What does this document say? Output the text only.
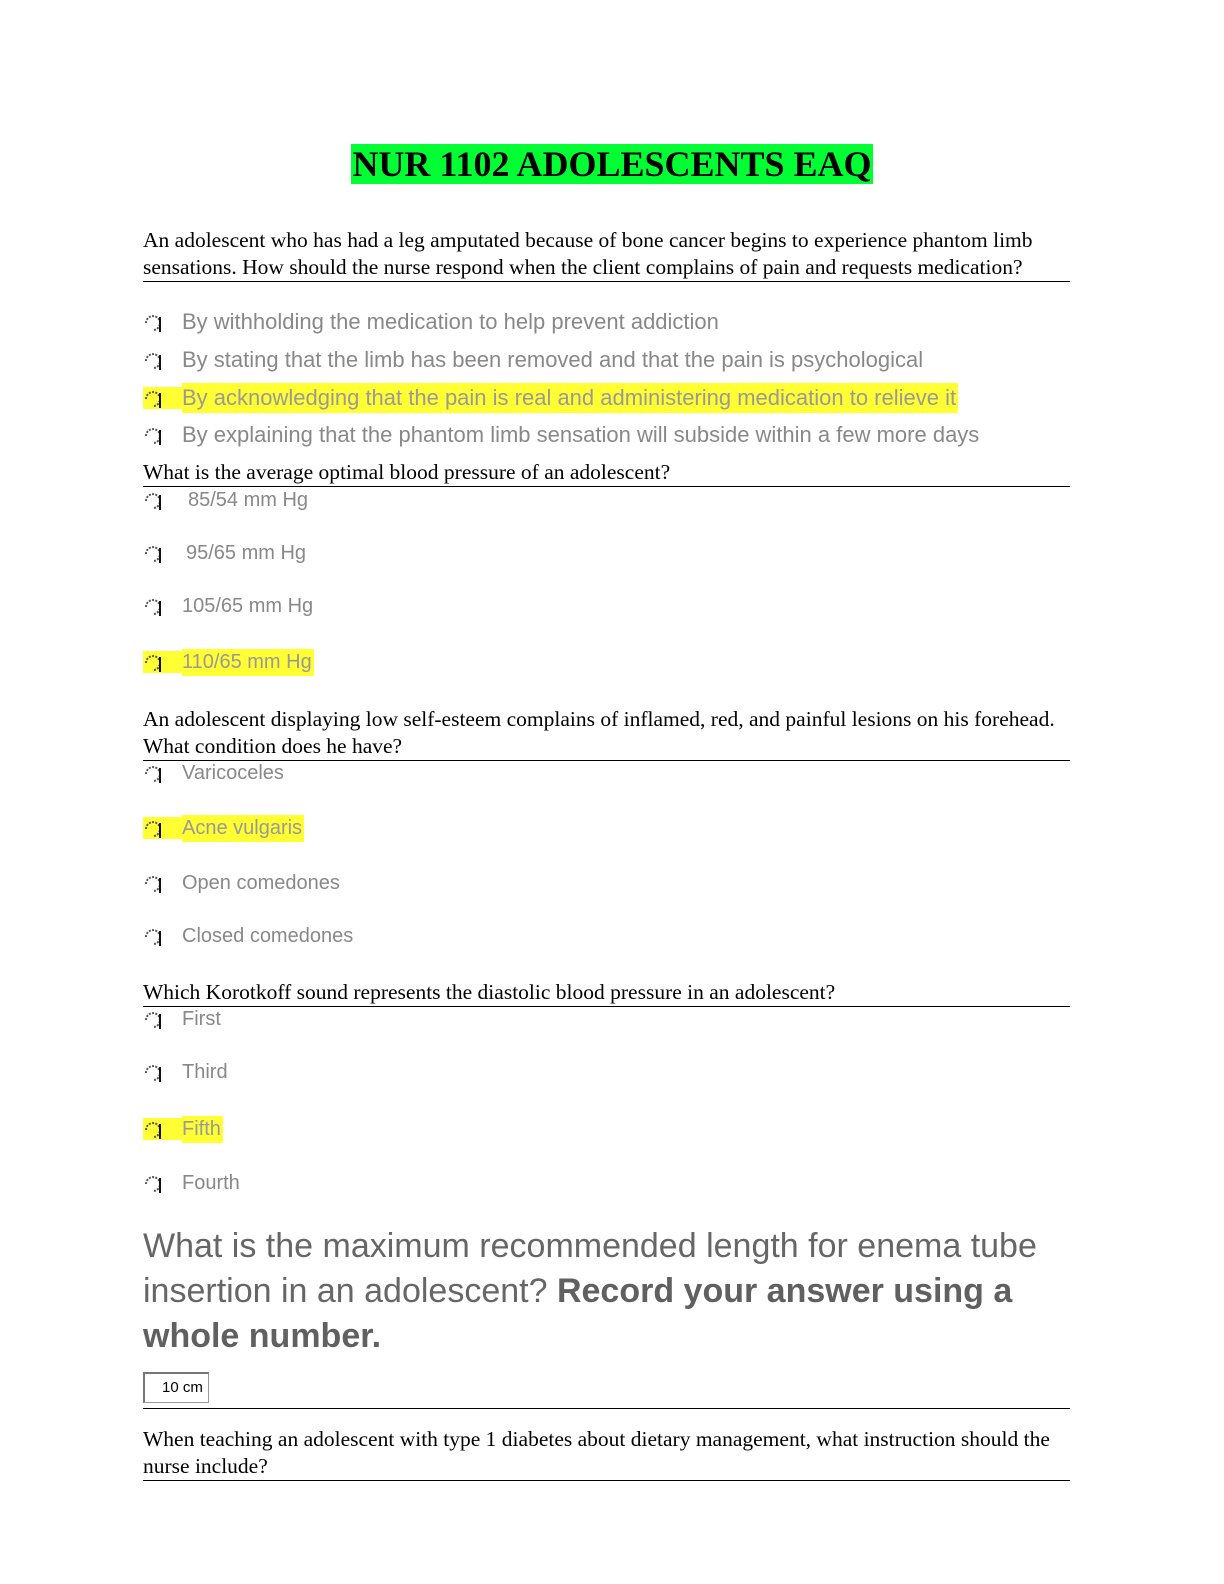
NUR 1102 ADOLESCENTS EAQ
An adolescent who has had a leg amputated because of bone cancer begins to experience phantom limb sensations. How should the nurse respond when the client complains of pain and requests medication?
By withholding the medication to help prevent addiction
By stating that the limb has been removed and that the pain is psychological
By acknowledging that the pain is real and administering medication to relieve it
By explaining that the phantom limb sensation will subside within a few more days
What is the average optimal blood pressure of an adolescent?
85/54 mm Hg
95/65 mm Hg
105/65 mm Hg
110/65 mm Hg
An adolescent displaying low self-esteem complains of inflamed, red, and painful lesions on his forehead. What condition does he have?
Varicoceles
Acne vulgaris
Open comedones
Closed comedones
Which Korotkoff sound represents the diastolic blood pressure in an adolescent?
First
Third
Fifth
Fourth
What is the maximum recommended length for enema tube insertion in an adolescent? Record your answer using a whole number.
10 cm
When teaching an adolescent with type 1 diabetes about dietary management, what instruction should the nurse include?
